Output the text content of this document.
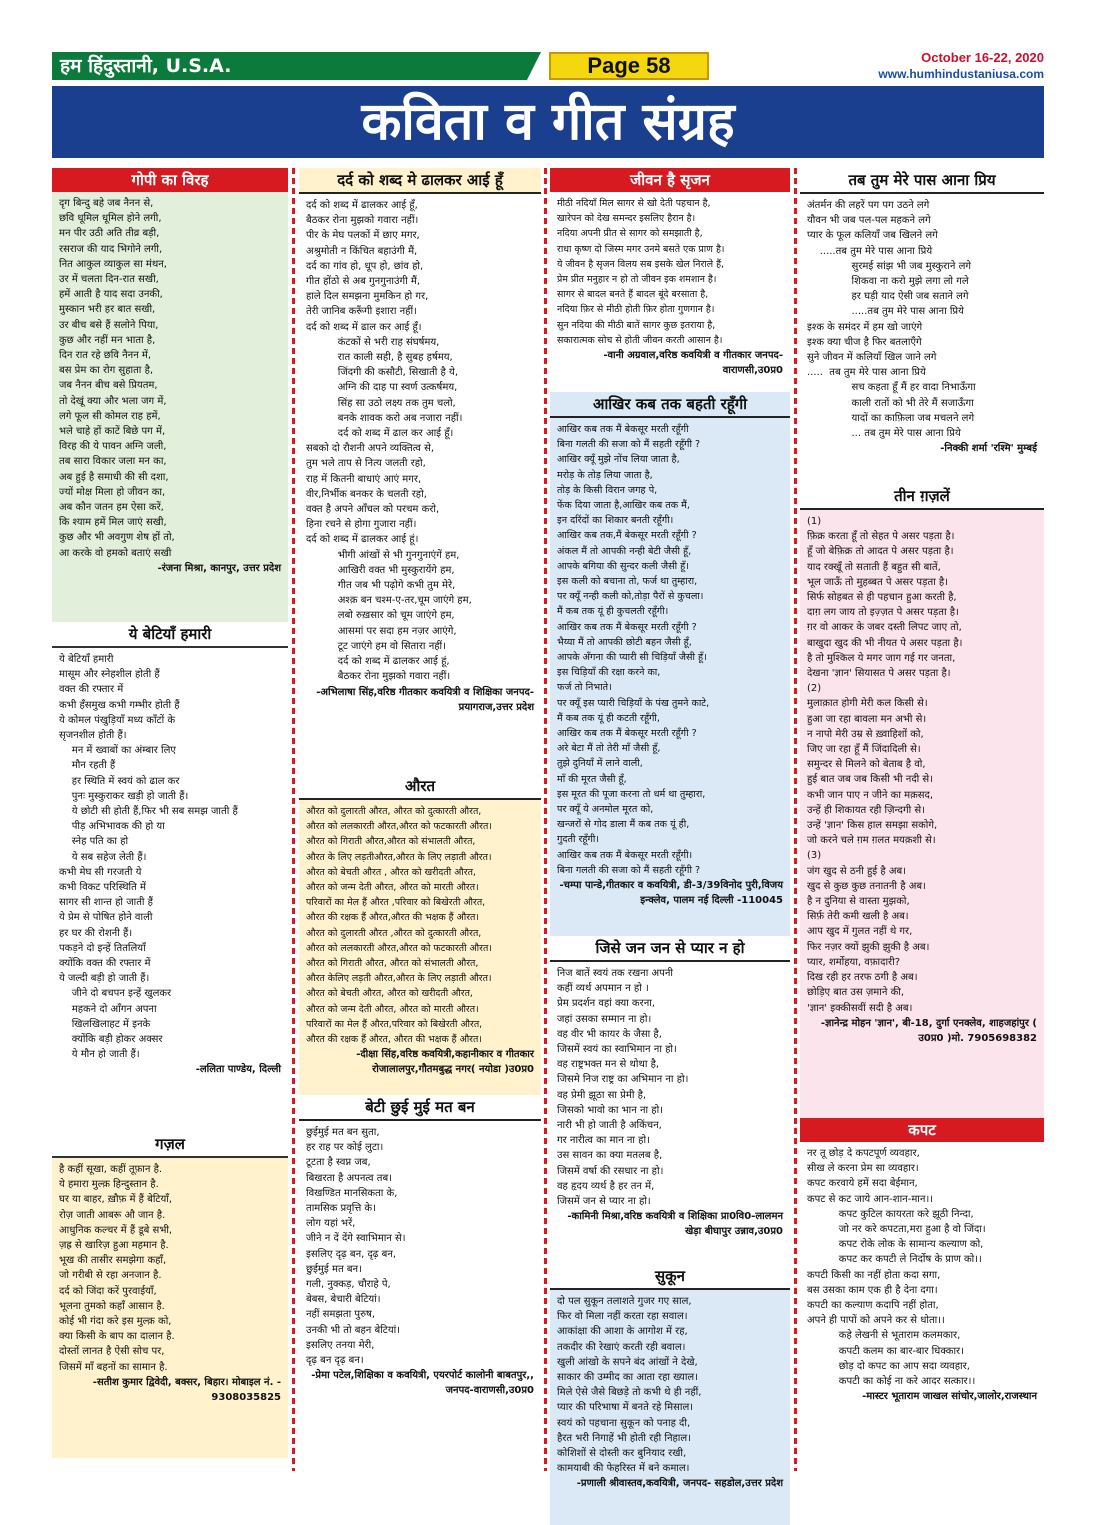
हम हिंदुस्तानी, U.S.A.	Page 58	October 16-22, 2020
www.humhindustaniusa.com
कविता व गीत संग्रह
गोपी का विरह

दृग बिन्दु बहे जब नैनन से,
छवि धूमिल धूमिल होने लगी,
मन पीर उठी अति तीव्र बड़ी,
रसराज की याद भिगोने लगी,
नित आकुल व्याकुल सा मंथन,
उर में चलता दिन-रात सखी,
हमें आती है याद सदा उनकी,
मुस्कान भरी हर बात सखी,
उर बीच बसे हैं सलोने पिया,
कुछ और नहीं मन भाता है,
दिन रात रहे छवि नैनन में,
बस प्रेम का रोग सुहाता है,
जब नैनन बीच बसे प्रियतम,
तो देखूं क्या और भला जग में,
लगे फूल सी कोमल राह हमें,
भले चाहे हों काटें बिछे पग में,
विरह की ये पावन अग्नि जली,
तब सारा विकार जला मन का,
अब हुई है समाधी की सी दशा,
ज्यों मोक्ष मिला हो जीवन का,
अब कौन जतन हम ऐसा करें,
कि श्याम हमें मिल जाएं सखी,
कुछ और भी अवगुण शेष हों तो,
आ करके वो हमको बताएं सखी

-रंजना मिश्रा, कानपुर, उत्तर प्रदेश

ये बेटियाँ हमारी

ये बेटियाँ हमारी
मासूम और स्नेहशील होती हैं
वक्त की रफ्तार में
कभी हँसमुख कभी गम्भीर होती हैं
ये कोमल पंखुड़ियाँ मध्य काँटों के
सृजनशील होती हैं।
मन में ख्वाबों का अंम्बार लिए
मौन रहती हैं
हर स्थिति में स्वयं को ढाल कर
पुनः मुस्कुराकर खड़ी हो जाती हैं।
ये छोटी सी होती हैं,फिर भी सब समझ जाती हैं
पीड़ अभिभावक की हो या
स्नेह पति का हो
ये सब सहेज लेती हैं।
कभी मेघ सी गरजती ये
कभी विकट परिस्थिति में
सागर सी शान्त हो जाती हैं
ये प्रेम से पोषित होने वाली
हर घर की रोशनी हैं।
पकड़ने दो इन्हें तितलियाँ
क्योंकि वक्त की रफ्तार में
ये जल्दी बड़ी हो जाती हैं।
जीने दो बचपन इन्हें खुलकर
महकने दो आँगन अपना
खिलखिलाहट में इनके
क्योंकि बड़ी होकर अक्सर
ये मौन हो जाती हैं।

-ललिता पाण्डेय, दिल्ली

गज़ल

है कहीं सूखा, कहीं तूफ़ान है.
ये हमारा मुल्क़ हिन्दुस्तान है.
घर या बाहर, ख़ौफ़ में हैं बेटियाँ,
रोज़ जाती आबरू औ जान है.
आधुनिक कल्चर में हैं डूबे सभी,
ज़ह्र से खारिज़ हुआ महमान है.
भूख की तासीर समझेगा कहाँ,
जो गरीबी से रहा अनजान है.
दर्द को जिंदा करें पुरवाईयाँ,
भूलना तुमको कहाँ आसान है.
कोई भी गंदा करे इस मुल्क़ को,
क्या किसी के बाप का दालान है.
दोस्तों लानत है ऐसी सोच पर,
जिसमें माँ बहनों का सामान है.

-सतीश कुमार द्विवेदी, बक्सर, बिहार। मोबाइल नं. - 9308035825

दर्द को शब्द मे ढालकर आई हूँ

दर्द को शब्द में ढालकर आई हूँ,
बैठकर रोना मुझको गवारा नहीं।
पीर के मेघ पलकों में छाए मगर,
अश्रुमोती न किंचित बहाउंगी मैं,
दर्द का गांव हो, धूप हो, छांव हो,
गीत होंठो से अब गुनगुनाउंगी मैं,
हाले दिल समझना मुमकिन हो गर,
तेरी जानिब करूँगी इशारा नहीं।
दर्द को शब्द में ढाल कर आई हूँ।
कंटकों से भरी राह संघर्षमय,
रात काली सही, है सुबह हर्षमय,
जिंदगी की कसौटी, सिखाती है ये,
अग्नि की दाह पा स्वर्ण उत्कर्षमय,
सिंह सा उठो लक्ष्य तक तुम चलो,
बनके शावक करो अब नजारा नहीं।
दर्द को शब्द में ढाल कर आई हूँ।
सबको दो रौशनी अपने व्यक्तित्व से,
तुम भले ताप से नित्य जलती रहो,
राह में कितनी बाधाएं आएं मगर,
वीर,निर्भीक बनकर के चलती रहो,
वक्त है अपने आँचल को परचम करो,
हिना रचने से होगा गुजारा नहीं।
दर्द को शब्द में ढालकर आई हूं।
भीगी आंखों से भी गुनगुनाएंगें हम,
आखिरी वक्त भी मुस्कुरायेंगे हम,
गीत जब भी पढ़ोगे कभी तुम मेरे,
अश्क़ बन चश्म-ए-तर,चूम जाएंगे हम,
लबो रुख़सार को चूम जाएंगे हम,
आसमां पर सदा हम नज़र आएंगे,
टूट जाएंगे हम वो सितारा नहीं।
दर्द को शब्द में ढालकर आई हूं,
बैठकर रोना मुझको गवारा नहीं।

-अभिलाषा सिंह,वरिष्ठ गीतकार कवयित्री व शिक्षिका जनपद-प्रयागराज,उत्तर प्रदेश

औरत

औरत को दुलारती औरत, औरत को दुत्कारती औरत,
औरत को ललकारती औरत,औरत को फटकारती औरत।
औरत को गिराती औरत,औरत को संभालती औरत,
औरत के लिए लड़तीऔरत,औरत के लिए लड़ाती औरत।
औरत को बेचती औरत , औरत को खरीदती औरत,
औरत को जन्म देती औरत, औरत को मारती औरत।
परिवारों का मेल हैं औरत ,परिवार को बिखेरती औरत,
औरत की रक्षक हैं औरत,औरत की भक्षक हैं औरत।
औरत को दुलारती औरत ,औरत को दुत्कारती औरत,
औरत को ललकारती औरत,औरत को फटकारती औरत।
औरत को गिराती औरत, औरत को संभालती औरत,
औरत केलिए लड़ती औरत,औरत के लिए लड़ाती औरत।
औरत को बेचती औरत, औरत को खरीदती औरत,
औरत को जन्म देती औरत, औरत को मारती औरत।
परिवारों का मेल हैं औरत,परिवार को बिखेरती औरत,
औरत की रक्षक हैं औरत, औरत की भक्षक हैं औरत।

-दीक्षा सिंह,वरिष्ठ कवयित्री,कहानीकार व गीतकार रोजालालपुर,गौतमबुद्ध नगर( नयोडा )उ0प्र0

बेटी छुई मुई मत बन

छुईमुई मत बन सुता,
हर राह पर कोई लुटा।
टूटता है स्वप्न जब,
बिखरता है अपनत्व तब।
विखण्डित मानसिकता के,
तामसिक प्रवृत्ति के।
लोग यहां भरें,
जीने न दें देंगे स्वाभिमान से।
इसलिए दृढ़ बन, दृढ़ बन,
छुईमुई मत बन।
गली, नुक्कड़, चौराहे पे,
बेबस, बेचारी बेटियां।
नहीं समझता पुरुष,
उनकी भी तो बहन बेटियां।
इसलिए तनया मेरी,
दृढ़ बन दृढ़ बन।

-प्रेमा पटेल,शिक्षिका व कवयित्री, एयरपोर्ट कालोनी बाबतपुर,, जनपद-वाराणसी,उ0प्र0

जीवन है सृजन

मीठी नदियाँ मिल सागर से खो देती पहचान है,
खारेपन को देख समन्दर इसलिए हैरान है।
नदिया अपनी प्रीत से सागर को समझाती है,
राधा कृष्ण दो जिस्म मगर उनमे बसते एक प्राण है।
ये जीवन है सृजन विलय सब इसके खेल निराले हैं,
प्रेम प्रीत मनुहार न हो तो जीवन इक शमशान है।
सागर से बादल बनते हैं बादल बूंदे बरसाता है,
नदिया फ़िर से मीठी होती फ़िर होता गुणगान है।
सुन नदिया की मीठी बातें सागर कुछ इतराया है,
सकारात्मक सोच से होती जीवन करती आसान है।

-वानी अग्रवाल,वरिष्ठ कवयित्री व गीतकार जनपद-वाराणसी,उ0प्र0

आखिर कब तक बहती रहूँगी

आखिर कब तक मैं बेकसूर मरती रहूँगी
बिना गलती की सजा को मैं सहती रहूँगी ?
आखिर क्यूँ मुझे नोंच लिया जाता है,
मरोड़ के तोड़ लिया जाता है,
तोड़ के किसी विरान जगह पे,
फेंक दिया जाता है,आखिर कब तक मैं,
इन दरिंदों का शिकार बनती रहूँगी।
आखिर कब तक,मैं बेकसूर मरती रहूँगी ?
अंकल मैं तो आपकी नन्ही बेटी जैसी हूँ,
आपके बगिया की सुन्दर कली जैसी हूँ।
इस कली को बचाना तो, फर्ज था तुम्हारा,
पर क्यूँ नन्ही कली को,तोड़ा पैरों से कुचला।
मैं कब तक यूं ही कुचलती रहूँगी।
आखिर कब तक मैं बेकसूर मरती रहूँगी ?
भैय्या मैं तो आपकी छोटी बहन जैसी हूँ,
आपके अँगना की प्यारी सी चिड़ियाँ जैसी हूँ।
इस चिड़ियाँ की रक्षा करने का,
फर्ज तो निभाते।
पर क्यूँ इस प्यारी चिड़ियाँ के पंख तुमने काटे,
मैं कब तक यूं ही कटती रहूँगी,
आखिर कब तक मैं बेकसूर मरती रहूँगी ?
अरे बेटा मैं तो तेरी माँ जैसी हूँ,
तुझे दुनियाँ में लाने वाली,
माँ की मूरत जैसी हूँ,
इस मूरत की पूजा करना तो धर्म था तुम्हारा,
पर क्यूँ ये अनमोल मूरत को,
खन्जरों से गोद डाला मैं कब तक यूं ही,
गुदती रहूँगी।
आखिर कब तक मैं बेकसूर मरती रहूँगी।
बिना गलती की सजा को मैं सहती रहूँगी ?

-चम्पा पान्डे,गीतकार व कवयित्री, डी-3/39विनोद पुरी,विजय इन्क्लेव, पालम नई दिल्ली -110045

जिसे जन जन से प्यार न हो

निज बातें स्वयं तक रखना अपनी
कहीं व्यर्थ अपमान न हो ।
प्रेम प्रदर्शन वहां क्या करना,
जहां उसका सम्मान ना हो।
वह वीर भी कायर के जैसा है,
जिसमें स्वयं का स्वाभिमान ना हो।
वह राष्ट्रभक्त मन से थोथा है,
जिसमे निज राष्ट्र का अभिमान ना हो।
वह प्रेमी झूठा सा प्रेमी है,
जिसको भावो का भान ना हो।
नारी भी हो जाती है अकिंचन,
गर नारीत्व का मान ना हो।
उस सावन का क्या मतलब है,
जिसमें वर्षा की रसधार ना हो।
वह हृदय व्यर्थ है हर तन में,
जिसमें जन से प्यार ना हो।

-कामिनी मिश्रा,वरिष्ठ कवयित्री व शिक्षिका प्रा0वि0-लालमन खेड़ा बीघापुर उन्नाव,उ0प्र0

सुकून

दो पल सुकून तलाशते गुजर गए साल,
फिर वो मिला नहीं करता रहा सवाल।
आकांक्षा की आशा के आगोश में रह,
तकदीर की रेखाएं करती रही बवाल।
खुली आंखो के सपने बंद आंखों ने देखे,
साकार की उम्मीद का आता रहा ख्याल।
मिले ऐसे जैसे बिछड़े तो कभी थे ही नहीं,
प्यार की परिभाषा में बनते रहे मिसाल।
स्वयं को पहचाना सुकून को पनाह दी,
हैरत भरी निगाहें भी होती रही निहाल।
कोशिशों से दोस्ती कर बुनियाद रखी,
कामयाबी की फेहरिस्त में बने कमाल।

-प्रणाली श्रीवास्तव,कवयित्री, जनपद- सहडोल,उत्तर प्रदेश

तब तुम मेरे पास आना प्रिय

अंतर्मन की लहरें पग पग उठने लगे
यौवन भी जब पल-पल महकने लगे
प्यार के फूल कलियाँ जब खिलने लगे
.....तब तुम मेरे पास आना प्रिये
सुरमई सांझ भी जब मुस्कुराने लगे
शिकवा ना करो मुझे लगा लो गले
हर घड़ी याद ऐसी जब सताने लगे
.....तब तुम मेरे पास आना प्रिये
इश्क के समंदर में हम खो जाएंगे
इश्क क्या चीज है फिर बतलाएँगे
सुने जीवन में कलियाँ खिल जाने लगे
.....  तब तुम मेरे पास आना प्रिये
सच कहता हूँ मैं हर वादा निभाऊँगा
काली रातों को भी तेरे मैं सजाऊँगा
यादों का काफ़िला जब मचलने लगे
... तब तुम मेरे पास आना प्रिये

-निक्की शर्मा 'रश्मि' मुम्बई

तीन ग़ज़लें

(1)
फ़िक्र करता हूँ तो सेहत पे असर पड़ता है।
हूँ जो बेफ़िक्र तो आदत पे असर पड़ता है।
याद रक्खूँ तो सताती हैं बहुत सी बातें,
भूल जाऊँ तो मुहब्बत पे असर पड़ता है।
सिर्फ सोहबत से ही पहचान हुआ करती है,
दाग़ लग जाय तो इज़्ज़त पे असर पड़ता है।
ग़र वो आकर के जबर दस्ती लिपट जाए तो,
बाखुदा खुद की भी नीयत पे असर पड़ता है।
है तो मुश्किल ये मगर जाग गई गर जनता,
देखना 'ज्ञान' सियासत पे असर पड़ता है।
(2)
मुलाक़ात होगी मेरी कल किसी से।
हुआ जा रहा बावला मन अभी से।
न नापो मेरी उम्र से ख़्वाहिशों को,
जिए जा रहा हूँ मैं जिंदादिली से।
समुन्दर से मिलने को बेताब है वो,
हुई बात जब जब किसी भी नदी से।
कभी जान पाए न जीने का मक़सद,
उन्हें ही शिकायत रही ज़िन्दगी से।
उन्हें 'ज्ञान' किस हाल समझा सकोगे,
जो करने चले ग़म ग़लत मयक़शी से।
(3)
जंग खुद से ठनी हुई है अब।
खुद से कुछ कुछ तनातनी है अब।
है न दुनिया से वास्ता मुझको,
सिर्फ़ तेरी कमी खली है अब।
आप खुद में गुलत नहीं थे गर,
फिर नज़र क्यों झुकी झुकी है अब।
प्यार, शर्मोहया, वफ़ादारी?
दिख रही हर तरफ ठगी है अब।
छोड़िए बात उस ज़माने की,
'ज्ञान' इक्कीसवीं सदी है अब।

-ज्ञानेन्द्र मोहन 'ज्ञान', बी-18, दुर्गा एनक्लेव, शाहजहांपुर ( उ0प्र0 )मो. 7905698382

कपट

नर तू छोड़ दे कपटपूर्ण व्यवहार,
सीख ले करना प्रेम सा व्यवहार।
कपट करवाये हमें सदा बेईमान,
कपट से कट जाये आन-शान-मान।।
कपट कुटिल कायरता करे झूठी निन्दा,
जो नर करे कपटता,मरा हुआ है वो जिंदा।
कपट रोके लोक के सामान्य कल्याण को,
कपट कर कपटी ले निर्दोष के प्राण को।।
कपटी किसी का नहीं होता कदा सगा,
बस उसका काम एक ही है देना दगा।
कपटी का कल्याण कदापि नहीं होता,
अपने ही पापों को अपने कर से धोता।।
कहे लेखनी से भूताराम कलमकार,
कपटी कलम का बार-बार धिक्कार।
छोड़ दो कपट का आप सदा व्यवहार,
कपटी का कोई ना करे आदर सत्कार।।

-मास्टर भूताराम जाखल सांचोर,जालोर,राजस्थान
